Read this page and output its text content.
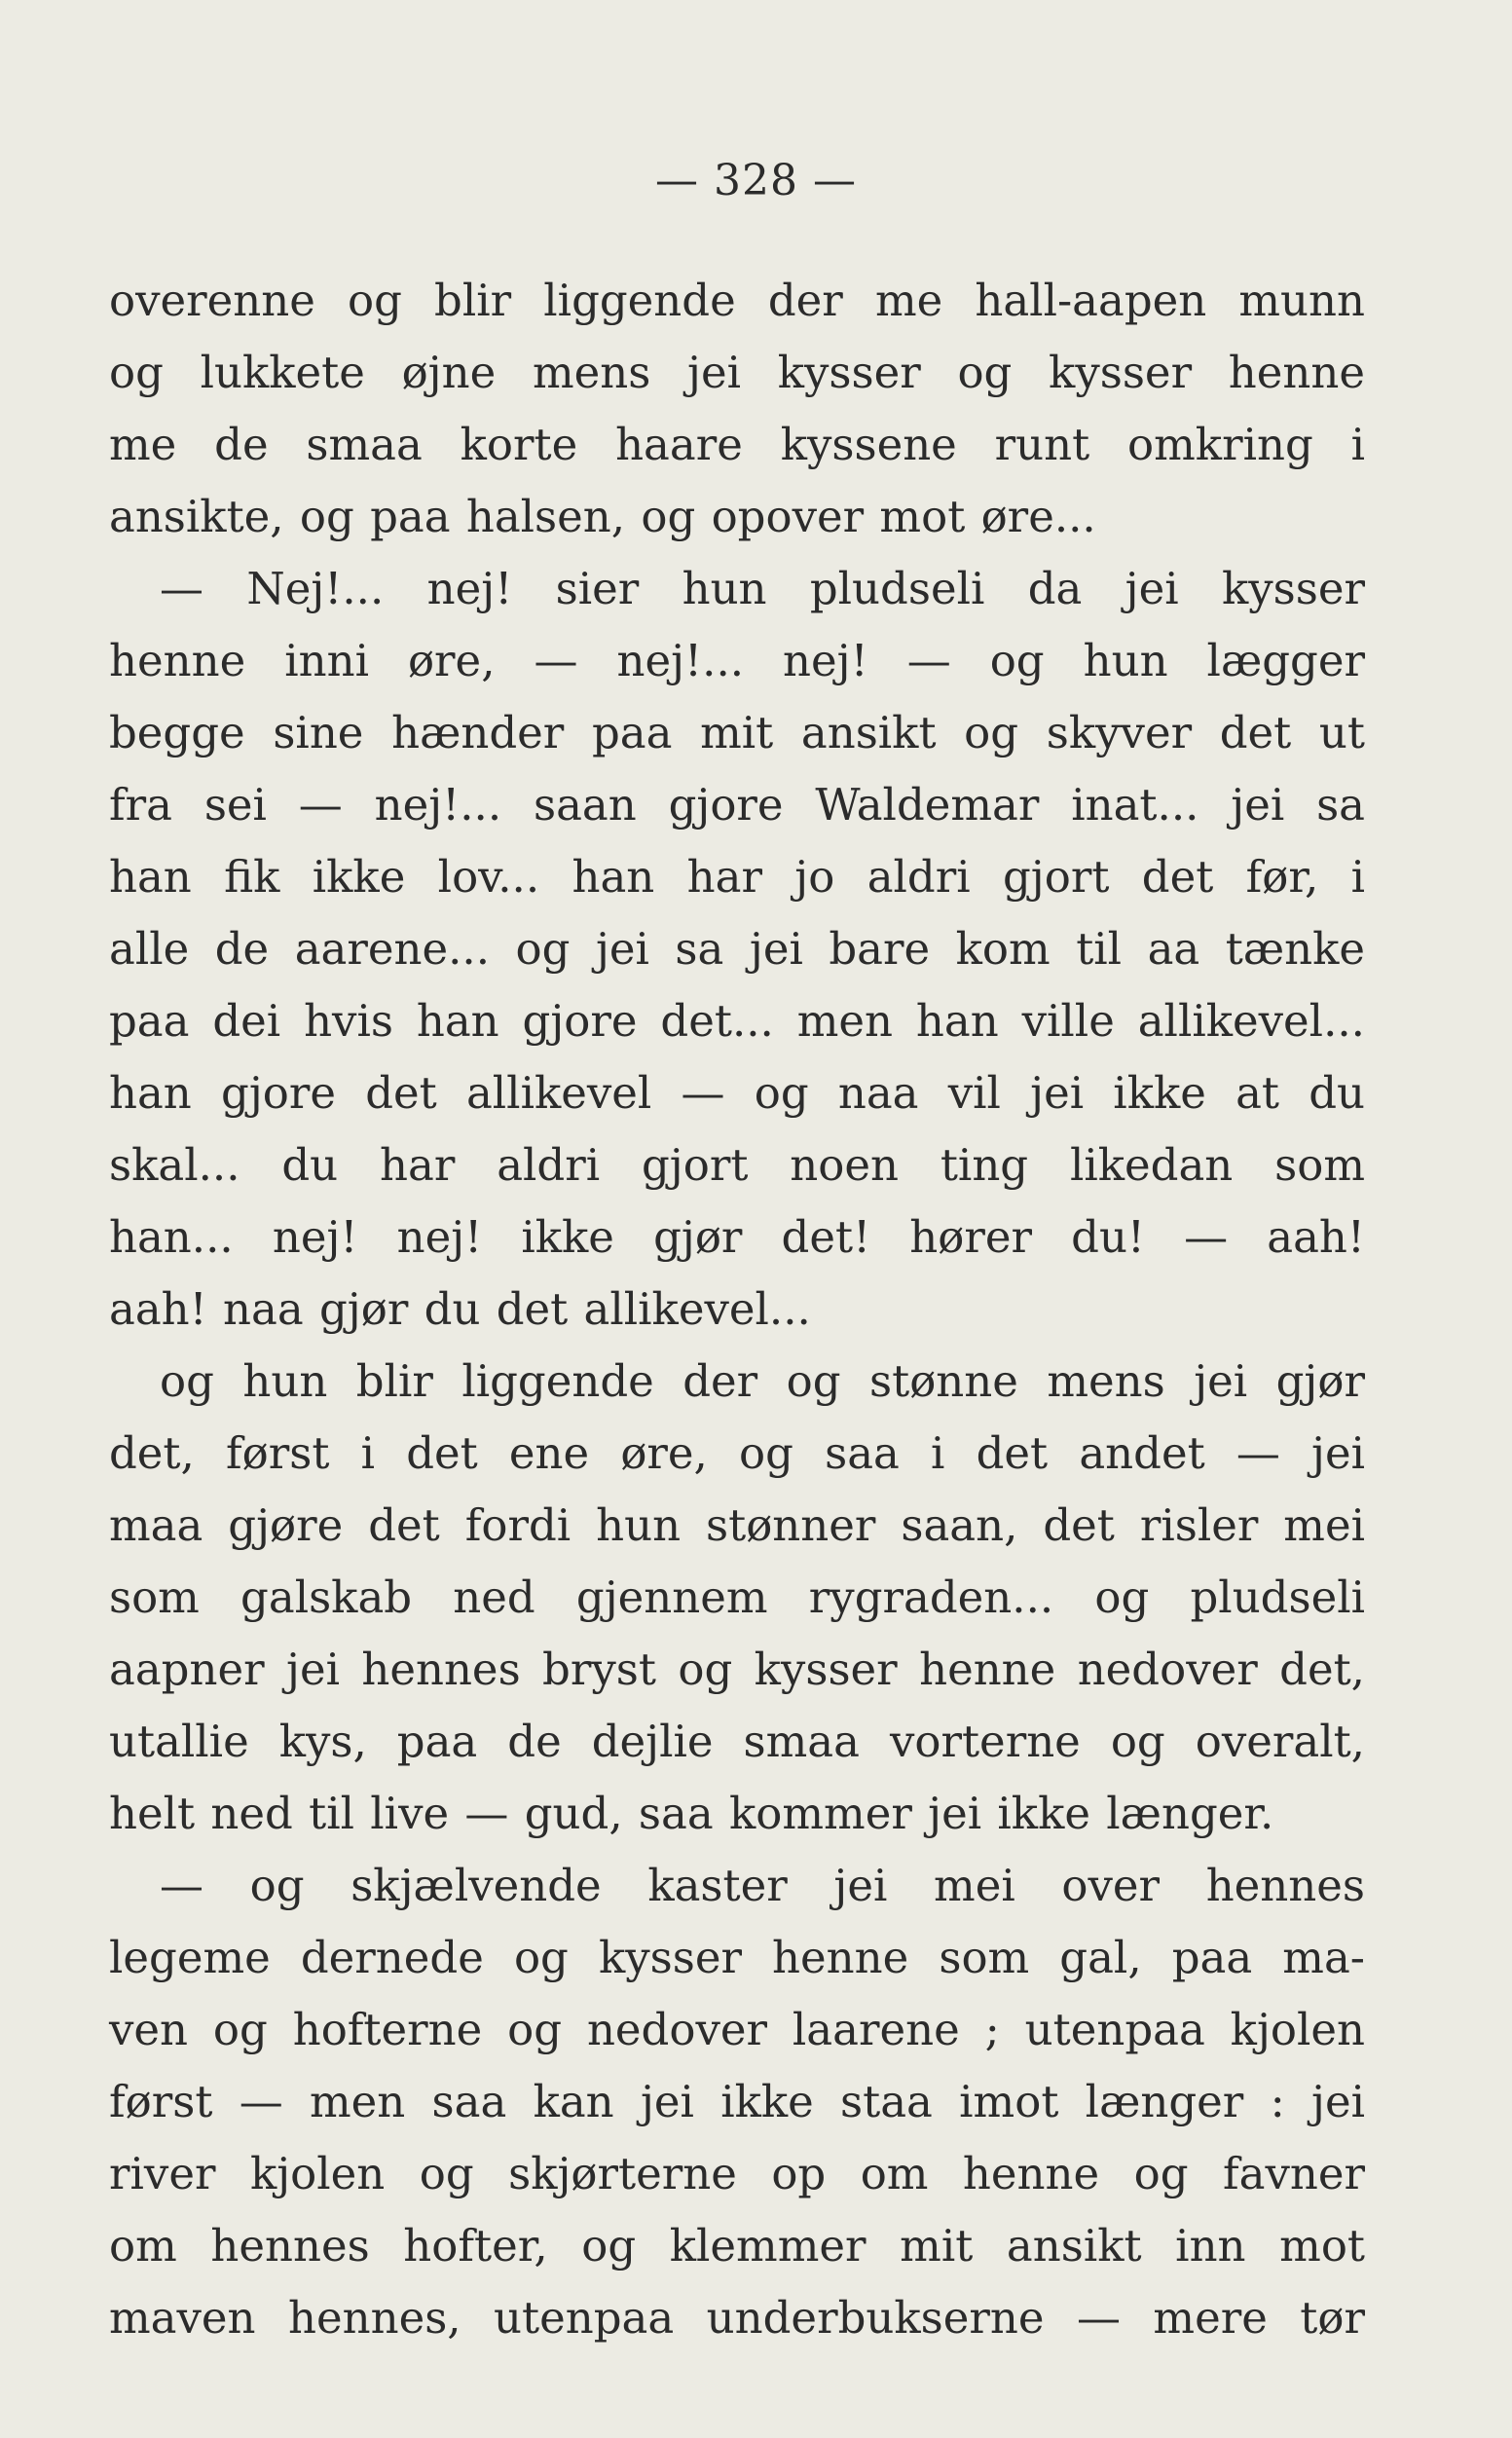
— 328 —
overenne og blir liggende der me hall-aapen munn
og lukkete øjne mens jei kysser og kysser henne
me de smaa korte haare kyssene runt omkring i
ansikte, og paa halsen, og opover mot øre...
— Nej!... nej! sier hun pludseli da jei kysser
henne inni øre, — nej!... nej! — og hun lægger
begge sine hænder paa mit ansikt og skyver det ut
fra sei — nej!... saan gjore Waldemar inat... jei sa
han fik ikke lov... han har jo aldri gjort det før, i
alle de aarene... og jei sa jei bare kom til aa tænke
paa dei hvis han gjore det... men han ville allikevel...
han gjore det allikevel — og naa vil jei ikke at du
skal... du har aldri gjort noen ting likedan som
han... nej! nej! ikke gjør det! hører du! — aah!
aah! naa gjør du det allikevel...
og hun blir liggende der og stønne mens jei gjør
det, først i det ene øre, og saa i det andet — jei
maa gjøre det fordi hun stønner saan, det risler mei
som galskab ned gjennem rygraden... og pludseli
aapner jei hennes bryst og kysser henne nedover det,
utallie kys, paa de dejlie smaa vorterne og overalt,
helt ned til live — gud, saa kommer jei ikke længer.
— og skjælvende kaster jei mei over hennes
legeme dernede og kysser henne som gal, paa ma-
ven og hofterne og nedover laarene ; utenpaa kjolen
først — men saa kan jei ikke staa imot længer : jei
river kjolen og skjørterne op om henne og favner
om hennes hofter, og klemmer mit ansikt inn mot
maven hennes, utenpaa underbukserne — mere tør
